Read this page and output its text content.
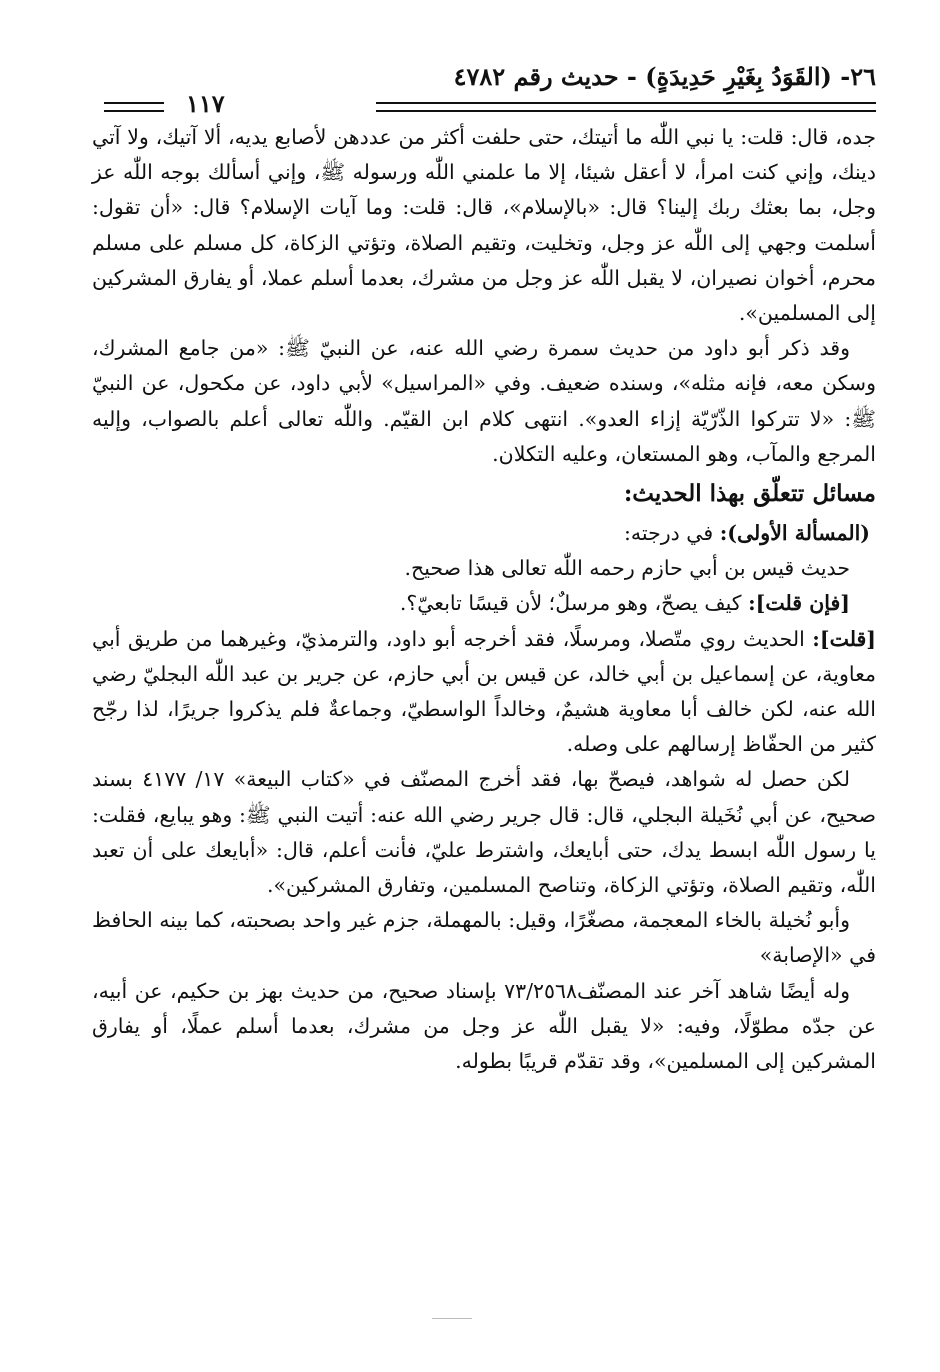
٢٦- (القَوَدُ بِغَيْرِ حَدِيدَةٍ) - حديث رقم ٤٧٨٢
١١٧

جده، قال: قلت: يا نبي اللّٰه ما أتيتك، حتى حلفت أكثر من عددهن لأصابع يديه، ألا آتيك، ولا آتي دينك، وإني كنت امرأ، لا أعقل شيئا، إلا ما علمني اللّٰه ورسوله ﷺ، وإني أسألك بوجه اللّٰه عز وجل، بما بعثك ربك إلينا؟ قال: «بالإسلام»، قال: قلت: وما آيات الإسلام؟ قال: «أن تقول: أسلمت وجهي إلى اللّٰه عز وجل، وتخليت، وتقيم الصلاة، وتؤتي الزكاة، كل مسلم على مسلم محرم، أخوان نصيران، لا يقبل اللّٰه عز وجل من مشرك، بعدما أسلم عملا، أو يفارق المشركين إلى المسلمين».

وقد ذكر أبو داود من حديث سمرة رضي الله عنه، عن النبيّ ﷺ: «من جامع المشرك، وسكن معه، فإنه مثله»، وسنده ضعيف. وفي «المراسيل» لأبي داود، عن مكحول، عن النبيّ ﷺ: «لا تتركوا الذّرّيّة إزاء العدو». انتهى كلام ابن القيّم. واللّٰه تعالى أعلم بالصواب، وإليه المرجع والمآب، وهو المستعان، وعليه التكلان.

مسائل تتعلّق بهذا الحديث:

(المسألة الأولى): في درجته:

حديث قيس بن أبي حازم رحمه اللّٰه تعالى هذا صحيح.

[فإن قلت]: كيف يصحّ، وهو مرسلٌ؛ لأن قيسًا تابعيّ؟.

[قلت]: الحديث روي متّصلا، ومرسلًا، فقد أخرجه أبو داود، والترمذيّ، وغيرهما من طريق أبي معاوية، عن إسماعيل بن أبي خالد، عن قيس بن أبي حازم، عن جرير بن عبد اللّٰه البجليّ رضي الله عنه، لكن خالف أبا معاوية هشيمٌ، وخالداً الواسطيّ، وجماعةٌ فلم يذكروا جريرًا، لذا رجّح كثير من الحفّاظ إرسالهم على وصله.

لكن حصل له شواهد، فيصحّ بها، فقد أخرج المصنّف في «كتاب البيعة» ١٧/ ٤١٧٧ بسند صحيح، عن أبي نُخَيلة البجلي، قال: قال جرير رضي الله عنه: أتيت النبي ﷺ: وهو يبايع، فقلت: يا رسول اللّٰه ابسط يدك، حتى أبايعك، واشترط عليّ، فأنت أعلم، قال: «أبايعك على أن تعبد اللّٰه، وتقيم الصلاة، وتؤتي الزكاة، وتناصح المسلمين، وتفارق المشركين».

وأبو نُخيلة بالخاء المعجمة، مصغّرًا، وقيل: بالمهملة، جزم غير واحد بصحبته، كما بينه الحافظ في «الإصابة»

وله أيضًا شاهد آخر عند المصنّف٧٣/٢٥٦٨ بإسناد صحيح، من حديث بهز بن حكيم، عن أبيه، عن جدّه مطوّلًا، وفيه: «لا يقبل اللّٰه عز وجل من مشرك، بعدما أسلم عملًا، أو يفارق المشركين إلى المسلمين»، وقد تقدّم قريبًا بطوله.
